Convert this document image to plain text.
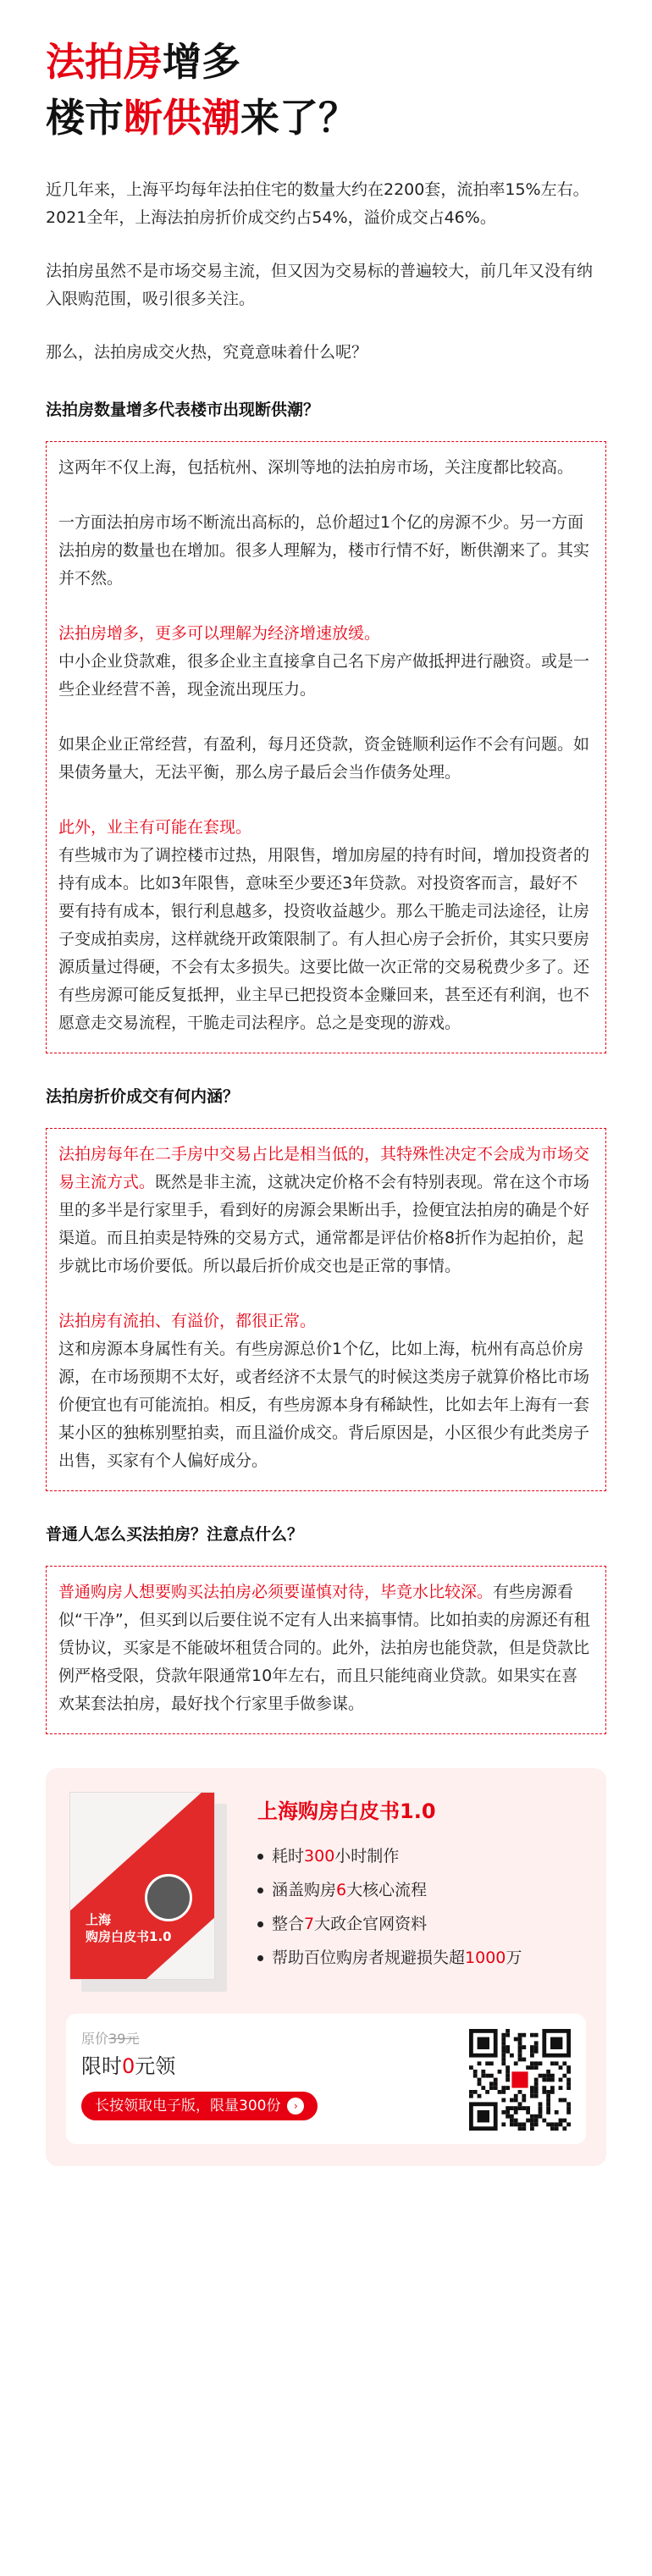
法拍房增多
楼市断供潮来了？

近几年来，上海平均每年法拍住宅的数量大约在2200套，流拍率15%左右。2021全年，上海法拍房折价成交约占54%，溢价成交占46%。

法拍房虽然不是市场交易主流，但又因为交易标的普遍较大，前几年又没有纳入限购范围，吸引很多关注。

那么，法拍房成交火热，究竟意味着什么呢？

法拍房数量增多代表楼市出现断供潮？

这两年不仅上海，包括杭州、深圳等地的法拍房市场，关注度都比较高。

一方面法拍房市场不断流出高标的，总价超过1个亿的房源不少。另一方面法拍房的数量也在增加。很多人理解为，楼市行情不好，断供潮来了。其实并不然。

法拍房增多，更多可以理解为经济增速放缓。
中小企业贷款难，很多企业主直接拿自己名下房产做抵押进行融资。或是一些企业经营不善，现金流出现压力。

如果企业正常经营，有盈利，每月还贷款，资金链顺利运作不会有问题。如果债务量大，无法平衡，那么房子最后会当作债务处理。

此外，业主有可能在套现。
有些城市为了调控楼市过热，用限售，增加房屋的持有时间，增加投资者的持有成本。比如3年限售，意味至少要还3年贷款。对投资客而言，最好不要有持有成本，银行利息越多，投资收益越少。那么干脆走司法途径，让房子变成拍卖房，这样就绕开政策限制了。有人担心房子会折价，其实只要房源质量过得硬，不会有太多损失。这要比做一次正常的交易税费少多了。还有些房源可能反复抵押，业主早已把投资本金赚回来，甚至还有利润，也不愿意走交易流程，干脆走司法程序。总之是变现的游戏。

法拍房折价成交有何内涵？

法拍房每年在二手房中交易占比是相当低的，其特殊性决定不会成为市场交易主流方式。既然是非主流，这就决定价格不会有特别表现。常在这个市场里的多半是行家里手，看到好的房源会果断出手，捡便宜法拍房的确是个好渠道。而且拍卖是特殊的交易方式，通常都是评估价格8折作为起拍价，起步就比市场价要低。所以最后折价成交也是正常的事情。

法拍房有流拍、有溢价，都很正常。
这和房源本身属性有关。有些房源总价1个亿，比如上海，杭州有高总价房源，在市场预期不太好，或者经济不太景气的时候这类房子就算价格比市场价便宜也有可能流拍。相反，有些房源本身有稀缺性，比如去年上海有一套某小区的独栋别墅拍卖，而且溢价成交。背后原因是，小区很少有此类房子出售，买家有个人偏好成分。

普通人怎么买法拍房？注意点什么？

普通购房人想要购买法拍房必须要谨慎对待，毕竟水比较深。有些房源看似“干净”，但买到以后要住说不定有人出来搞事情。比如拍卖的房源还有租赁协议，买家是不能破坏租赁合同的。此外，法拍房也能贷款，但是贷款比例严格受限，贷款年限通常10年左右，而且只能纯商业贷款。如果实在喜欢某套法拍房，最好找个行家里手做参谋。

上海
购房白皮书1.0
上海购房白皮书1.0
耗时300小时制作
涵盖购房6大核心流程
整合7大政企官网资料
帮助百位购房者规避损失超1000万
原价39元
限时0元领
长按领取电子版，限量300份 ›
